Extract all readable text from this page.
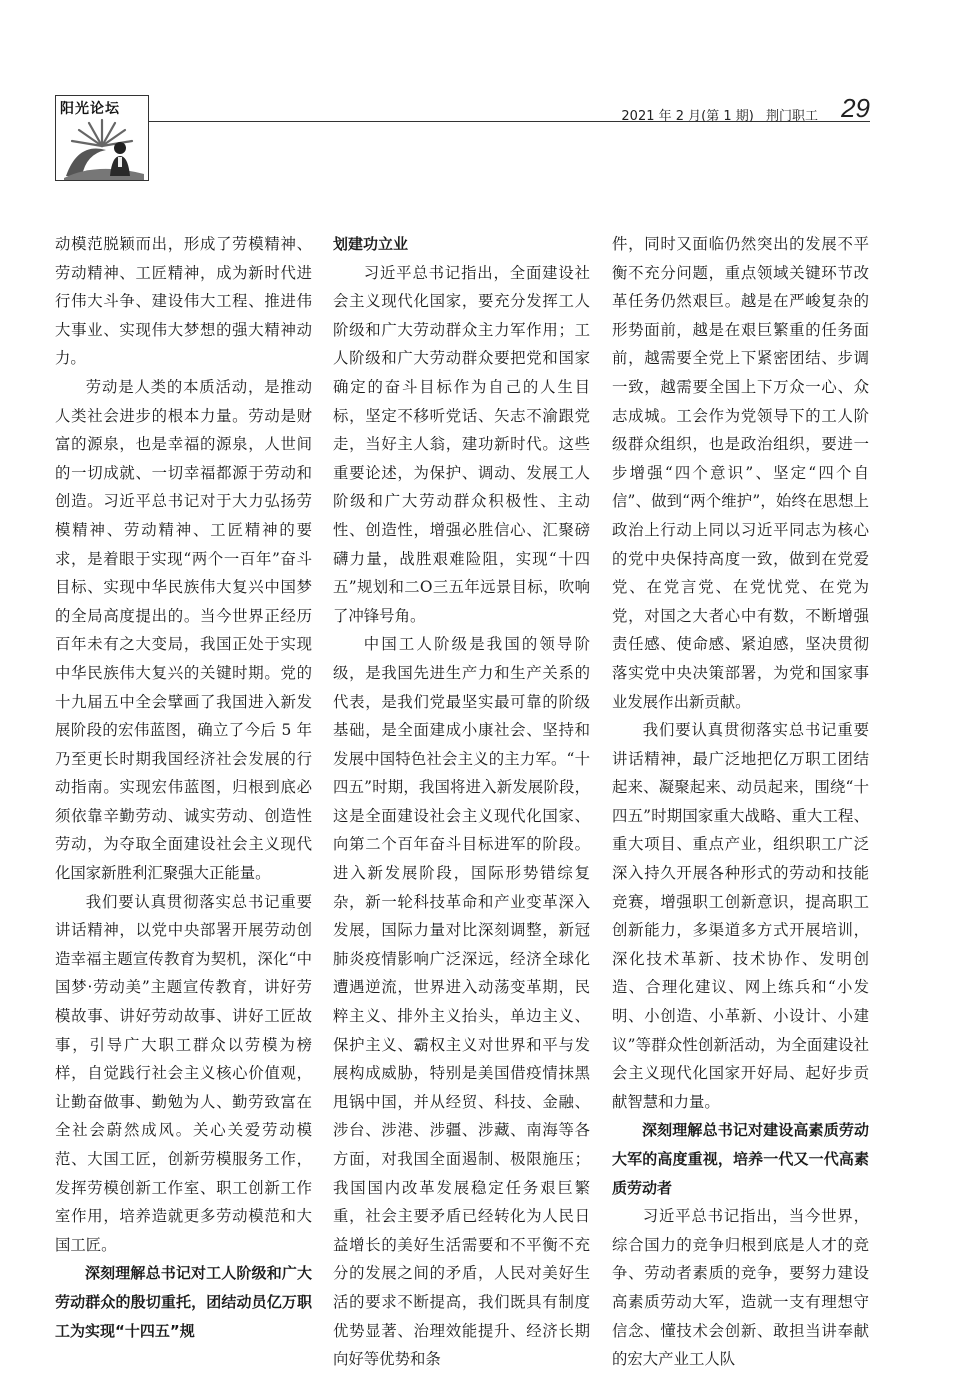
阳光论坛	2021 年 2 月(第 1 期) 荆门职工 29

动模范脱颖而出，形成了劳模精神、劳动精神、工匠精神，成为新时代进行伟大斗争、建设伟大工程、推进伟大事业、实现伟大梦想的强大精神动力。

劳动是人类的本质活动，是推动人类社会进步的根本力量。劳动是财富的源泉，也是幸福的源泉，人世间的一切成就、一切幸福都源于劳动和创造。习近平总书记对于大力弘扬劳模精神、劳动精神、工匠精神的要求，是着眼于实现“两个一百年”奋斗目标、实现中华民族伟大复兴中国梦的全局高度提出的。当今世界正经历百年未有之大变局，我国正处于实现中华民族伟大复兴的关键时期。党的十九届五中全会擘画了我国进入新发展阶段的宏伟蓝图，确立了今后 5 年乃至更长时期我国经济社会发展的行动指南。实现宏伟蓝图，归根到底必须依靠辛勤劳动、诚实劳动、创造性劳动，为夺取全面建设社会主义现代化国家新胜利汇聚强大正能量。

我们要认真贯彻落实总书记重要讲话精神，以党中央部署开展劳动创造幸福主题宣传教育为契机，深化“中国梦·劳动美”主题宣传教育，讲好劳模故事、讲好劳动故事、讲好工匠故事，引导广大职工群众以劳模为榜样，自觉践行社会主义核心价值观，让勤奋做事、勤勉为人、勤劳致富在全社会蔚然成风。关心关爱劳动模范、大国工匠，创新劳模服务工作，发挥劳模创新工作室、职工创新工作室作用，培养造就更多劳动模范和大国工匠。

深刻理解总书记对工人阶级和广大劳动群众的殷切重托，团结动员亿万职工为实现“十四五”规

划建功立业

习近平总书记指出，全面建设社会主义现代化国家，要充分发挥工人阶级和广大劳动群众主力军作用；工人阶级和广大劳动群众要把党和国家确定的奋斗目标作为自己的人生目标，坚定不移听党话、矢志不渝跟党走，当好主人翁，建功新时代。这些重要论述，为保护、调动、发展工人阶级和广大劳动群众积极性、主动性、创造性，增强必胜信心、汇聚磅礴力量，战胜艰难险阻，实现“十四五”规划和二O三五年远景目标，吹响了冲锋号角。

中国工人阶级是我国的领导阶级，是我国先进生产力和生产关系的代表，是我们党最坚实最可靠的阶级基础，是全面建成小康社会、坚持和发展中国特色社会主义的主力军。“十四五”时期，我国将进入新发展阶段，这是全面建设社会主义现代化国家、向第二个百年奋斗目标进军的阶段。进入新发展阶段，国际形势错综复杂，新一轮科技革命和产业变革深入发展，国际力量对比深刻调整，新冠肺炎疫情影响广泛深远，经济全球化遭遇逆流，世界进入动荡变革期，民粹主义、排外主义抬头，单边主义、保护主义、霸权主义对世界和平与发展构成威胁，特别是美国借疫情抹黑甩锅中国，并从经贸、科技、金融、涉台、涉港、涉疆、涉藏、南海等各方面，对我国全面遏制、极限施压；我国国内改革发展稳定任务艰巨繁重，社会主要矛盾已经转化为人民日益增长的美好生活需要和不平衡不充分的发展之间的矛盾，人民对美好生活的要求不断提高，我们既具有制度优势显著、治理效能提升、经济长期向好等优势和条

件，同时又面临仍然突出的发展不平衡不充分问题，重点领域关键环节改革任务仍然艰巨。越是在严峻复杂的形势面前，越是在艰巨繁重的任务面前，越需要全党上下紧密团结、步调一致，越需要全国上下万众一心、众志成城。工会作为党领导下的工人阶级群众组织，也是政治组织，要进一步增强“四个意识”、坚定“四个自信”、做到“两个维护”，始终在思想上政治上行动上同以习近平同志为核心的党中央保持高度一致，做到在党爱党、在党言党、在党忧党、在党为党，对国之大者心中有数，不断增强责任感、使命感、紧迫感，坚决贯彻落实党中央决策部署，为党和国家事业发展作出新贡献。

我们要认真贯彻落实总书记重要讲话精神，最广泛地把亿万职工团结起来、凝聚起来、动员起来，围绕“十四五”时期国家重大战略、重大工程、重大项目、重点产业，组织职工广泛深入持久开展各种形式的劳动和技能竞赛，增强职工创新意识，提高职工创新能力，多渠道多方式开展培训，深化技术革新、技术协作、发明创造、合理化建议、网上练兵和“小发明、小创造、小革新、小设计、小建议”等群众性创新活动，为全面建设社会主义现代化国家开好局、起好步贡献智慧和力量。

深刻理解总书记对建设高素质劳动大军的高度重视，培养一代又一代高素质劳动者

习近平总书记指出，当今世界，综合国力的竞争归根到底是人才的竞争、劳动者素质的竞争，要努力建设高素质劳动大军，造就一支有理想守信念、懂技术会创新、敢担当讲奉献的宏大产业工人队
